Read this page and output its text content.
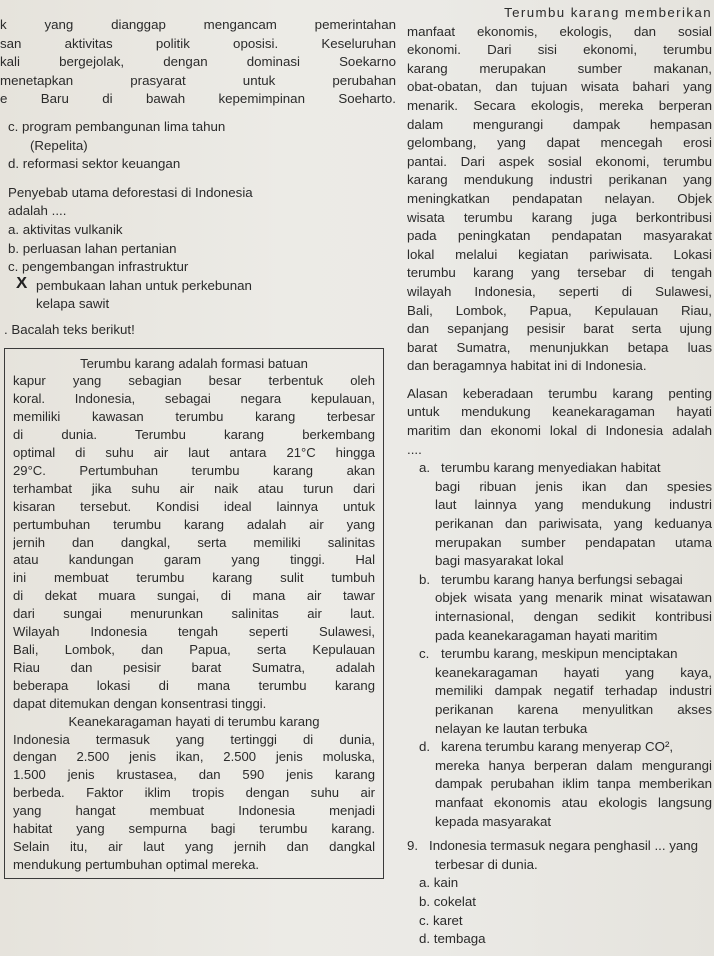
k yang dianggap mengancam pemerintahan
san aktivitas politik oposisi. Keseluruhan
kali bergejolak, dengan dominasi Soekarno
menetapkan prasyarat untuk perubahan
e Baru di bawah kepemimpinan Soeharto.
c. program pembangunan lima tahun
(Repelita)
d. reformasi sektor keuangan
Penyebab utama deforestasi di Indonesia
adalah ....
a. aktivitas vulkanik
b. perluasan lahan pertanian
c. pengembangan infrastruktur
pembukaan lahan untuk perkebunan
X
kelapa sawit
. Bacalah teks berikut!
Terumbu karang adalah formasi batuan
kapur yang sebagian besar terbentuk oleh
koral. Indonesia, sebagai negara kepulauan,
memiliki kawasan terumbu karang terbesar
di dunia. Terumbu karang berkembang
optimal di suhu air laut antara 21°C hingga
29°C. Pertumbuhan terumbu karang akan
terhambat jika suhu air naik atau turun dari
kisaran tersebut. Kondisi ideal lainnya untuk
pertumbuhan terumbu karang adalah air yang
jernih dan dangkal, serta memiliki salinitas
atau kandungan garam yang tinggi. Hal
ini membuat terumbu karang sulit tumbuh
di dekat muara sungai, di mana air tawar
dari sungai menurunkan salinitas air laut.
Wilayah Indonesia tengah seperti Sulawesi,
Bali, Lombok, dan Papua, serta Kepulauan
Riau dan pesisir barat Sumatra, adalah
beberapa lokasi di mana terumbu karang
dapat ditemukan dengan konsentrasi tinggi.
Keanekaragaman hayati di terumbu karang
Indonesia termasuk yang tertinggi di dunia,
dengan 2.500 jenis ikan, 2.500 jenis moluska,
1.500 jenis krustasea, dan 590 jenis karang
berbeda. Faktor iklim tropis dengan suhu air
yang hangat membuat Indonesia menjadi
habitat yang sempurna bagi terumbu karang.
Selain itu, air laut yang jernih dan dangkal
mendukung pertumbuhan optimal mereka.
Terumbu karang memberikan
manfaat ekonomis, ekologis, dan sosial
ekonomi. Dari sisi ekonomi, terumbu
karang merupakan sumber makanan,
obat-obatan, dan tujuan wisata bahari yang
menarik. Secara ekologis, mereka berperan
dalam mengurangi dampak hempasan
gelombang, yang dapat mencegah erosi
pantai. Dari aspek sosial ekonomi, terumbu
karang mendukung industri perikanan yang
meningkatkan pendapatan nelayan. Objek
wisata terumbu karang juga berkontribusi
pada peningkatan pendapatan masyarakat
lokal melalui kegiatan pariwisata. Lokasi
terumbu karang yang tersebar di tengah
wilayah Indonesia, seperti di Sulawesi,
Bali, Lombok, Papua, Kepulauan Riau,
dan sepanjang pesisir barat serta ujung
barat Sumatra, menunjukkan betapa luas
dan beragamnya habitat ini di Indonesia.
Alasan keberadaan terumbu karang penting
untuk mendukung keanekaragaman hayati
maritim dan ekonomi lokal di Indonesia adalah
....
a. terumbu karang menyediakan habitat
bagi ribuan jenis ikan dan spesies
laut lainnya yang mendukung industri
perikanan dan pariwisata, yang keduanya
merupakan sumber pendapatan utama
bagi masyarakat lokal
b. terumbu karang hanya berfungsi sebagai
objek wisata yang menarik minat wisatawan
internasional, dengan sedikit kontribusi
pada keanekaragaman hayati maritim
c. terumbu karang, meskipun menciptakan
keanekaragaman hayati yang kaya,
memiliki dampak negatif terhadap industri
perikanan karena menyulitkan akses
nelayan ke lautan terbuka
d. karena terumbu karang menyerap CO²,
mereka hanya berperan dalam mengurangi
dampak perubahan iklim tanpa memberikan
manfaat ekonomis atau ekologis langsung
kepada masyarakat
9. Indonesia termasuk negara penghasil ... yang
terbesar di dunia.
a. kain
b. cokelat
c. karet
d. tembaga
